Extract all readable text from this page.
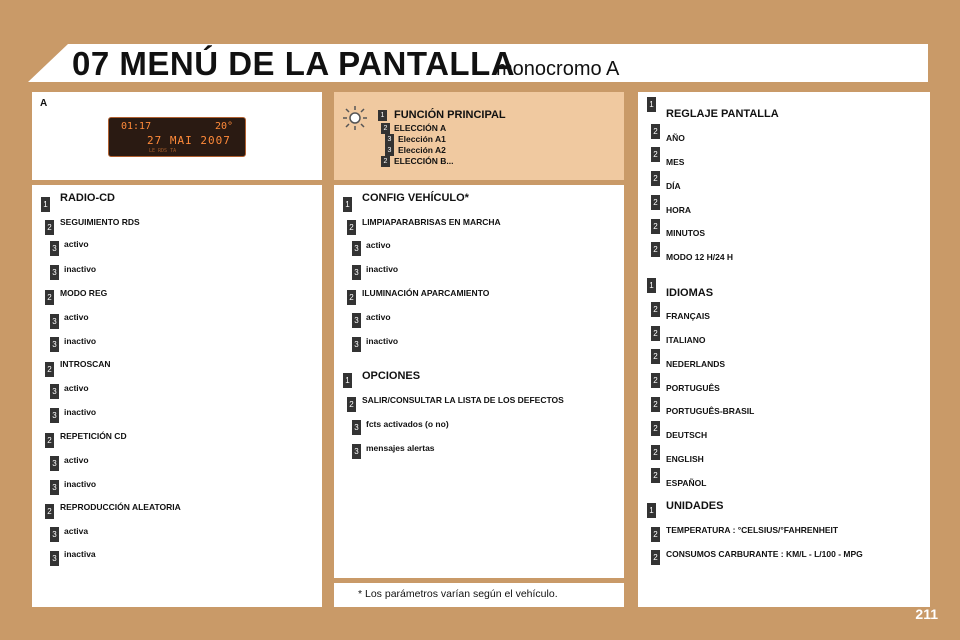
07 MENÚ DE LA PANTALLA
monocromo A
A
01:17	20°
27 MAI 2007
LE RDS TA
1 FUNCIÓN PRINCIPAL
2 ELECCIÓN A
3 Elección A1
3 Elección A2
2 ELECCIÓN B...
1
RADIO-CD
2
SEGUIMIENTO RDS
3 activo
3 inactivo
2 MODO REG
3 activo
3 inactivo
2
INTROSCAN
3 activo
3 inactivo
2 REPETICIÓN CD
3 activo
3 inactivo
2 REPRODUCCIÓN ALEATORIA
3 activa
3 inactiva
1
CONFIG VEHÍCULO*
2
LIMPIAPARABRISAS EN MARCHA
3 activo
3 inactivo
2 ILUMINACIÓN APARCAMIENTO
3 activo
3 inactivo
1 OPCIONES
2 SALIR/CONSULTAR LA LISTA DE LOS DEFECTOS
3 fcts activados (o no)
3 mensajes alertas
* Los parámetros varían según el vehículo.
1
REGLAJE PANTALLA
2
AÑO
2
MES
2
DÍA
2
HORA
2
MINUTOS
2
MODO 12 H/24 H
1
IDIOMAS
2
FRANÇAIS
2
ITALIANO
2
NEDERLANDS
2
PORTUGUÊS
2
PORTUGUÊS-BRASIL
2
DEUTSCH
2
ENGLISH
2
ESPAÑOL
1 UNIDADES
2 TEMPERATURA : °CELSIUS/°FAHRENHEIT
2 CONSUMOS CARBURANTE : KM/L - L/100 - MPG
211
